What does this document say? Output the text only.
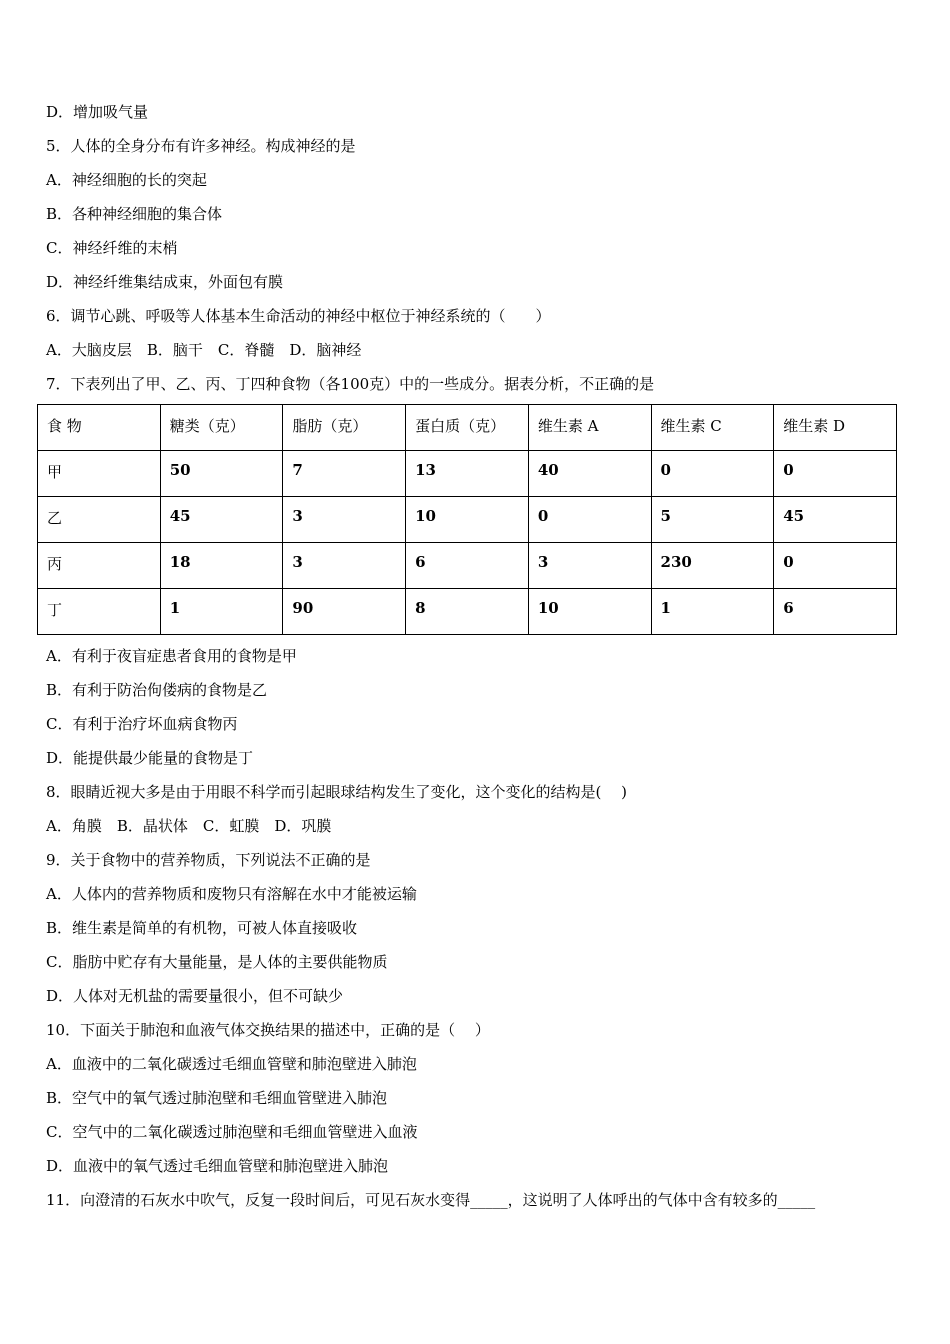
D．增加吸气量
5．人体的全身分布有许多神经。构成神经的是
A．神经细胞的长的突起
B．各种神经细胞的集合体
C．神经纤维的末梢
D．神经纤维集结成束，外面包有膜
6．调节心跳、呼吸等人体基本生命活动的神经中枢位于神经系统的（　　）
A．大脑皮层　B．脑干　C．脊髓　D．脑神经
7．下表列出了甲、乙、丙、丁四种食物（各100克）中的一些成分。据表分析，不正确的是
食 物	糖类（克）	脂肪（克）	蛋白质（克）	维生素 A	维生素 C	维生素 D
甲	50	7	13	40	0	0
乙	45	3	10	0	5	45
丙	18	3	6	3	230	0
丁	1	90	8	10	1	6
A．有利于夜盲症患者食用的食物是甲
B．有利于防治佝偻病的食物是乙
C．有利于治疗坏血病食物丙
D．能提供最少能量的食物是丁
8．眼睛近视大多是由于用眼不科学而引起眼球结构发生了变化，这个变化的结构是(　 )
A．角膜　B．晶状体　C．虹膜　D．巩膜
9．关于食物中的营养物质，下列说法不正确的是
A．人体内的营养物质和废物只有溶解在水中才能被运输
B．维生素是简单的有机物，可被人体直接吸收
C．脂肪中贮存有大量能量，是人体的主要供能物质
D．人体对无机盐的需要量很小，但不可缺少
10．下面关于肺泡和血液气体交换结果的描述中，正确的是（　 ）
A．血液中的二氧化碳透过毛细血管壁和肺泡壁进入肺泡
B．空气中的氧气透过肺泡壁和毛细血管壁进入肺泡
C．空气中的二氧化碳透过肺泡壁和毛细血管壁进入血液
D．血液中的氧气透过毛细血管壁和肺泡壁进入肺泡
11．向澄清的石灰水中吹气，反复一段时间后，可见石灰水变得_____，这说明了人体呼出的气体中含有较多的_____
